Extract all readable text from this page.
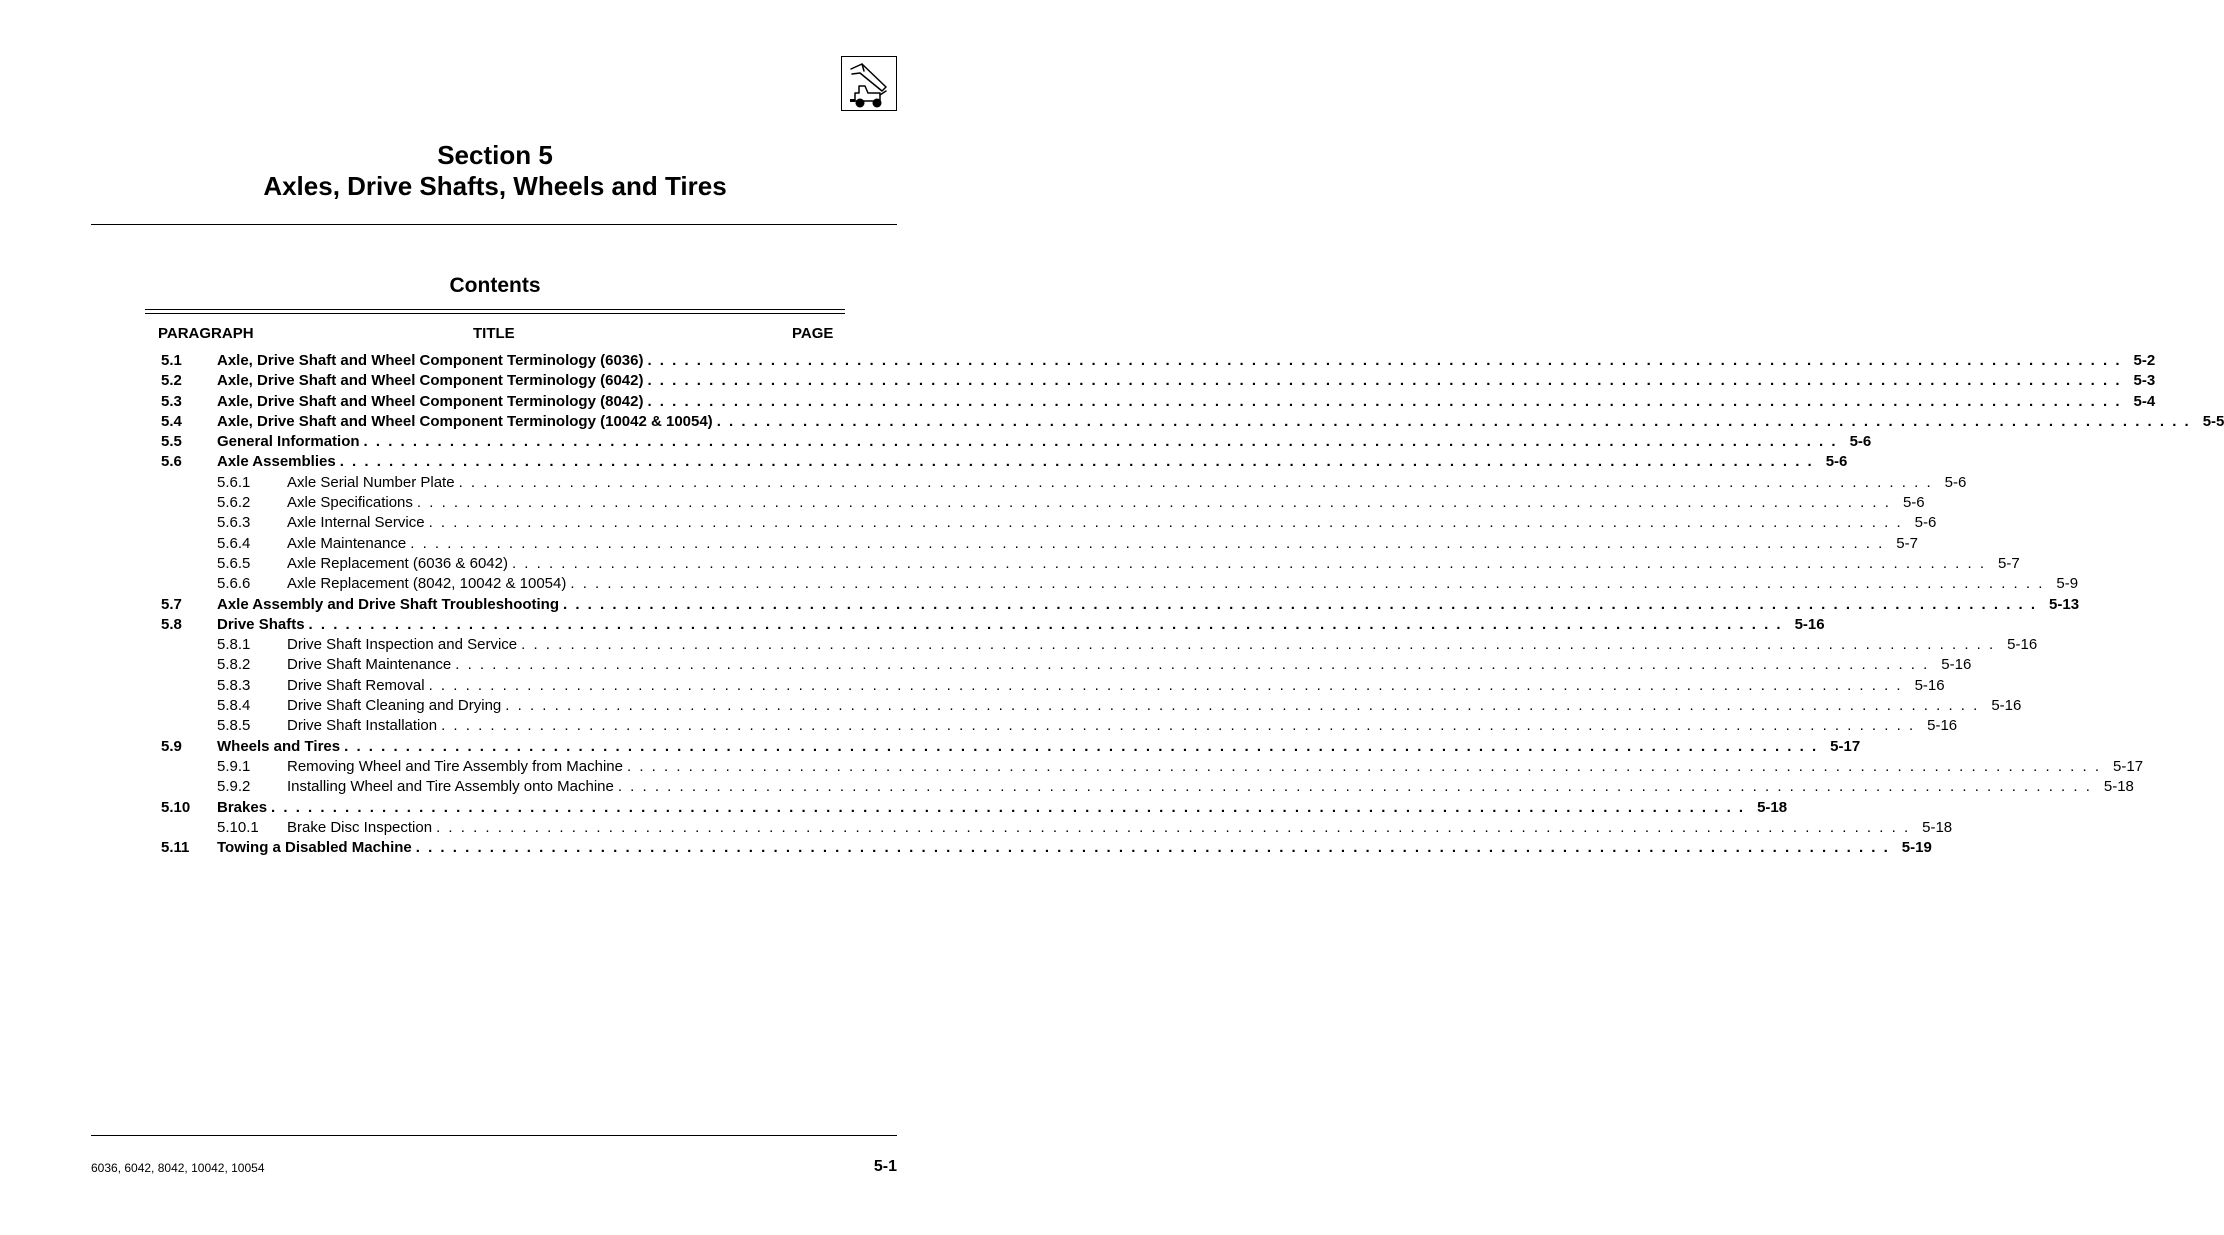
Section 5
Axles, Drive Shafts, Wheels and Tires
Contents
PARAGRAPH	TITLE	PAGE
5.1	Axle, Drive Shaft and Wheel Component Terminology (6036) . . . . . . . . . . . . . . . . . . . . . . . . . . . . . . . . . . . . . . . . . . . . . . . . . . . . . . . . . . . . . . . . . . . . . . . . . . . . . . . . . . . . . . . . . . . . . . . . . . . . . . . . . . . . . . . . . . . . . . . . 5-2
5.2	Axle, Drive Shaft and Wheel Component Terminology (6042) . . . . . . . . . . . . . . . . . . . . . . . . . . . . . . . . . . . . . . . . . . . . . . . . . . . . . . . . . . . . . . . . . . . . . . . . . . . . . . . . . . . . . . . . . . . . . . . . . . . . . . . . . . . . . . . . . . . . . . . . 5-3
5.3	Axle, Drive Shaft and Wheel Component Terminology (8042) . . . . . . . . . . . . . . . . . . . . . . . . . . . . . . . . . . . . . . . . . . . . . . . . . . . . . . . . . . . . . . . . . . . . . . . . . . . . . . . . . . . . . . . . . . . . . . . . . . . . . . . . . . . . . . . . . . . . . . . . 5-4
5.4	Axle, Drive Shaft and Wheel Component Terminology (10042 & 10054) . . . . . . . . . . . . . . . . . . . . . . . . . . . . . . . . . . . . . . . . . . . . . . . . . . . . . . . . . . . . . . . . . . . . . . . . . . . . . . . . . . . . . . . . . . . . . . . . . . . . . . . . . . . . . . . . . . . . . . . . 5-5
5.5	General Information . . . . . . . . . . . . . . . . . . . . . . . . . . . . . . . . . . . . . . . . . . . . . . . . . . . . . . . . . . . . . . . . . . . . . . . . . . . . . . . . . . . . . . . . . . . . . . . . . . . . . . . . . . . . . . . . . . . . . . . . 5-6
5.6	Axle Assemblies . . . . . . . . . . . . . . . . . . . . . . . . . . . . . . . . . . . . . . . . . . . . . . . . . . . . . . . . . . . . . . . . . . . . . . . . . . . . . . . . . . . . . . . . . . . . . . . . . . . . . . . . . . . . . . . . . . . . . . . . 5-6
5.6.1	Axle Serial Number Plate . . . . . . . . . . . . . . . . . . . . . . . . . . . . . . . . . . . . . . . . . . . . . . . . . . . . . . . . . . . . . . . . . . . . . . . . . . . . . . . . . . . . . . . . . . . . . . . . . . . . . . . . . . . . . . . . . . . . . . . . 5-6
5.6.2	Axle Specifications . . . . . . . . . . . . . . . . . . . . . . . . . . . . . . . . . . . . . . . . . . . . . . . . . . . . . . . . . . . . . . . . . . . . . . . . . . . . . . . . . . . . . . . . . . . . . . . . . . . . . . . . . . . . . . . . . . . . . . . . 5-6
5.6.3	Axle Internal Service . . . . . . . . . . . . . . . . . . . . . . . . . . . . . . . . . . . . . . . . . . . . . . . . . . . . . . . . . . . . . . . . . . . . . . . . . . . . . . . . . . . . . . . . . . . . . . . . . . . . . . . . . . . . . . . . . . . . . . . . 5-6
5.6.4	Axle Maintenance . . . . . . . . . . . . . . . . . . . . . . . . . . . . . . . . . . . . . . . . . . . . . . . . . . . . . . . . . . . . . . . . . . . . . . . . . . . . . . . . . . . . . . . . . . . . . . . . . . . . . . . . . . . . . . . . . . . . . . . . 5-7
5.6.5	Axle Replacement (6036 & 6042) . . . . . . . . . . . . . . . . . . . . . . . . . . . . . . . . . . . . . . . . . . . . . . . . . . . . . . . . . . . . . . . . . . . . . . . . . . . . . . . . . . . . . . . . . . . . . . . . . . . . . . . . . . . . . . . . . . . . . . . . 5-7
5.6.6	Axle Replacement (8042, 10042 & 10054) . . . . . . . . . . . . . . . . . . . . . . . . . . . . . . . . . . . . . . . . . . . . . . . . . . . . . . . . . . . . . . . . . . . . . . . . . . . . . . . . . . . . . . . . . . . . . . . . . . . . . . . . . . . . . . . . . . . . . . . . 5-9
5.7	Axle Assembly and Drive Shaft Troubleshooting . . . . . . . . . . . . . . . . . . . . . . . . . . . . . . . . . . . . . . . . . . . . . . . . . . . . . . . . . . . . . . . . . . . . . . . . . . . . . . . . . . . . . . . . . . . . . . . . . . . . . . . . . . . . . . . . . . . . . . . . 5-13
5.8	Drive Shafts . . . . . . . . . . . . . . . . . . . . . . . . . . . . . . . . . . . . . . . . . . . . . . . . . . . . . . . . . . . . . . . . . . . . . . . . . . . . . . . . . . . . . . . . . . . . . . . . . . . . . . . . . . . . . . . . . . . . . . . . 5-16
5.8.1	Drive Shaft Inspection and Service . . . . . . . . . . . . . . . . . . . . . . . . . . . . . . . . . . . . . . . . . . . . . . . . . . . . . . . . . . . . . . . . . . . . . . . . . . . . . . . . . . . . . . . . . . . . . . . . . . . . . . . . . . . . . . . . . . . . . . . . 5-16
5.8.2	Drive Shaft Maintenance . . . . . . . . . . . . . . . . . . . . . . . . . . . . . . . . . . . . . . . . . . . . . . . . . . . . . . . . . . . . . . . . . . . . . . . . . . . . . . . . . . . . . . . . . . . . . . . . . . . . . . . . . . . . . . . . . . . . . . . . 5-16
5.8.3	Drive Shaft Removal . . . . . . . . . . . . . . . . . . . . . . . . . . . . . . . . . . . . . . . . . . . . . . . . . . . . . . . . . . . . . . . . . . . . . . . . . . . . . . . . . . . . . . . . . . . . . . . . . . . . . . . . . . . . . . . . . . . . . . . . 5-16
5.8.4	Drive Shaft Cleaning and Drying . . . . . . . . . . . . . . . . . . . . . . . . . . . . . . . . . . . . . . . . . . . . . . . . . . . . . . . . . . . . . . . . . . . . . . . . . . . . . . . . . . . . . . . . . . . . . . . . . . . . . . . . . . . . . . . . . . . . . . . . 5-16
5.8.5	Drive Shaft Installation . . . . . . . . . . . . . . . . . . . . . . . . . . . . . . . . . . . . . . . . . . . . . . . . . . . . . . . . . . . . . . . . . . . . . . . . . . . . . . . . . . . . . . . . . . . . . . . . . . . . . . . . . . . . . . . . . . . . . . . . 5-16
5.9	Wheels and Tires . . . . . . . . . . . . . . . . . . . . . . . . . . . . . . . . . . . . . . . . . . . . . . . . . . . . . . . . . . . . . . . . . . . . . . . . . . . . . . . . . . . . . . . . . . . . . . . . . . . . . . . . . . . . . . . . . . . . . . . . 5-17
5.9.1	Removing Wheel and Tire Assembly from Machine . . . . . . . . . . . . . . . . . . . . . . . . . . . . . . . . . . . . . . . . . . . . . . . . . . . . . . . . . . . . . . . . . . . . . . . . . . . . . . . . . . . . . . . . . . . . . . . . . . . . . . . . . . . . . . . . . . . . . . . . 5-17
5.9.2	Installing Wheel and Tire Assembly onto Machine . . . . . . . . . . . . . . . . . . . . . . . . . . . . . . . . . . . . . . . . . . . . . . . . . . . . . . . . . . . . . . . . . . . . . . . . . . . . . . . . . . . . . . . . . . . . . . . . . . . . . . . . . . . . . . . . . . . . . . . . 5-18
5.10	Brakes . . . . . . . . . . . . . . . . . . . . . . . . . . . . . . . . . . . . . . . . . . . . . . . . . . . . . . . . . . . . . . . . . . . . . . . . . . . . . . . . . . . . . . . . . . . . . . . . . . . . . . . . . . . . . . . . . . . . . . . . 5-18
5.10.1	Brake Disc Inspection . . . . . . . . . . . . . . . . . . . . . . . . . . . . . . . . . . . . . . . . . . . . . . . . . . . . . . . . . . . . . . . . . . . . . . . . . . . . . . . . . . . . . . . . . . . . . . . . . . . . . . . . . . . . . . . . . . . . . . . . 5-18
5.11	Towing a Disabled Machine . . . . . . . . . . . . . . . . . . . . . . . . . . . . . . . . . . . . . . . . . . . . . . . . . . . . . . . . . . . . . . . . . . . . . . . . . . . . . . . . . . . . . . . . . . . . . . . . . . . . . . . . . . . . . . . . . . . . . . . . 5-19
6036, 6042, 8042, 10042, 10054	5-1
